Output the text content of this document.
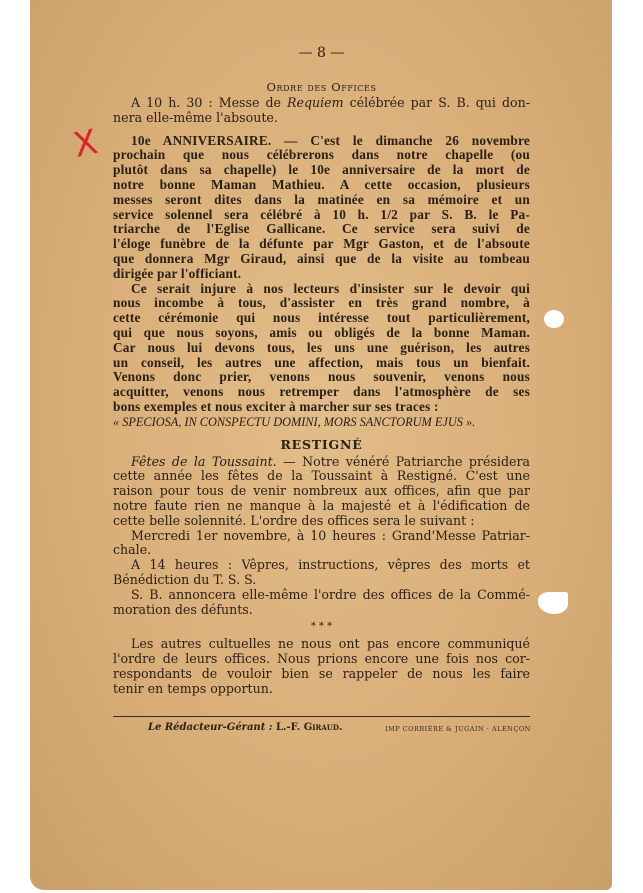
X
— 8 —
Ordre des Offices
A 10 h. 30 : Messe de Requiem célébrée par S. B. qui don-
nera elle-même l'absoute.
10e ANNIVERSAIRE. — C'est le dimanche 26 novembre
prochain que nous célébrerons dans notre chapelle (ou
plutôt dans sa chapelle) le 10e anniversaire de la mort de
notre bonne Maman Mathieu. A cette occasion, plusieurs
messes seront dites dans la matinée en sa mémoire et un
service solennel sera célébré à 10 h. 1/2 par S. B. le Pa-
triarche de l'Eglise Gallicane. Ce service sera suivi de
l'éloge funèbre de la défunte par Mgr Gaston, et de l'absoute
que donnera Mgr Giraud, ainsi que de la visite au tombeau
dirigée par l'officiant.
Ce serait injure à nos lecteurs d'insister sur le devoir qui
nous incombe à tous, d'assister en très grand nombre, à
cette cérémonie qui nous intéresse tout particulièrement,
qui que nous soyons, amis ou obligés de la bonne Maman.
Car nous lui devons tous, les uns une guérison, les autres
un conseil, les autres une affection, mais tous un bienfait.
Venons donc prier, venons nous souvenir, venons nous
acquitter, venons nous retremper dans l'atmosphère de ses
bons exemples et nous exciter à marcher sur ses traces :
« SPECIOSA, IN CONSPECTU DOMINI, MORS SANCTORUM EJUS ».
RESTIGNÉ
Fêtes de la Toussaint. — Notre vénéré Patriarche présidera
cette année les fêtes de la Toussaint à Restigné. C'est une
raison pour tous de venir nombreux aux offices, afin que par
notre faute rien ne manque à la majesté et à l'édification de
cette belle solennité. L'ordre des offices sera le suivant :
Mercredi 1er novembre, à 10 heures : Grand'Messe Patriar-
chale.
A 14 heures : Vêpres, instructions, vêpres des morts et
Bénédiction du T. S. S.
S. B. annoncera elle-même l'ordre des offices de la Commé-
moration des défunts.
* * *
Les autres cultuelles ne nous ont pas encore communiqué
l'ordre de leurs offices. Nous prions encore une fois nos cor-
respondants de vouloir bien se rappeler de nous les faire
tenir en temps opportun.
Le Rédacteur-Gérant : L.-F. Giraud.	IMP CORBIÈRE & JUGAIN · ALENÇON
